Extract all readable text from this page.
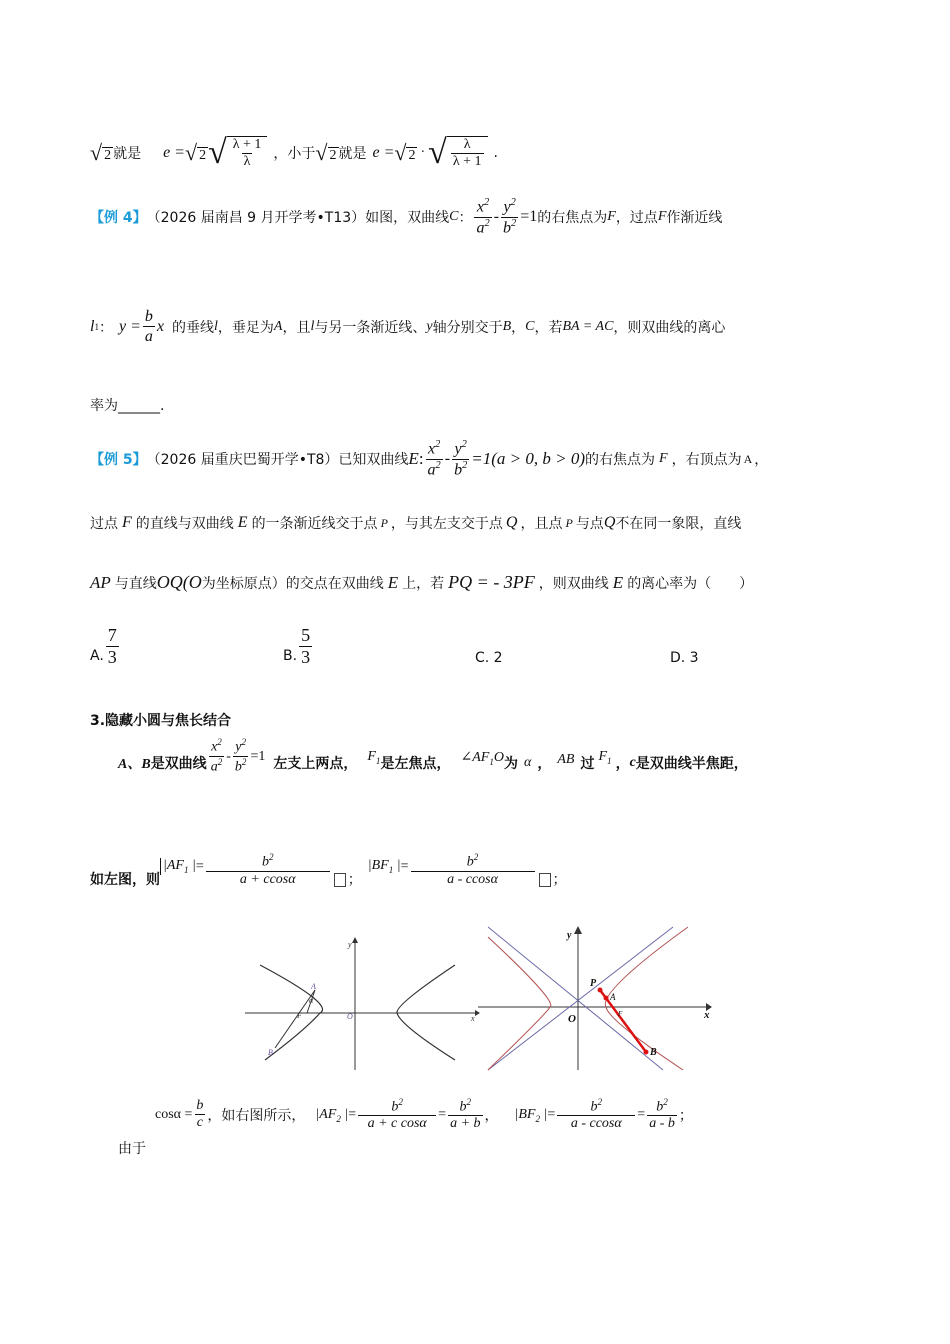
√ 2 就是 e = √ 2 √ $\frac{\lambda + 1}{\lambda}$ ，小于 √ 2 就是 e = √ 2 · √ $\frac{\lambda}{\lambda + 1}$ .
【例 4】 （2026 届南昌 9 月开学考•T13）如图，双曲线 C ： $\frac{x^2}{a^2} - \frac{y^2}{b^2} =1$ 的右焦点为 F ，过点 F 作渐近线
l 1 ： $y = \frac{b}{a}$ x 的垂线 l ，垂足为 A ，且 l 与另一条渐近线、 y 轴分别交于 B ， C ，若 BA = AC ，则双曲线的离心
率为______.
【例 5】 （2026 届重庆巴蜀开学•T8）已知双曲线 E : $\frac{x^2}{a^2} - \frac{y^2}{b^2} =1(a > 0$, b > 0) 的右焦点为 F ，右顶点为 A ，
过点 F 的直线与双曲线 E 的一条渐近线交于点 P ，与其左支交于点 Q ，且点 P 与点 Q 不在同一象限，直线
AP 与直线 OQ(O 为坐标原点）的交点在双曲线 E 上，若 PQ = - 3PF ，则双曲线 E 的离心率为（　　）
A. $\frac{7}{3}$	B. $\frac{5}{3}$	C. 2	D. 3
3.隐藏小圆与焦长结合
A、B 是双曲线 $\frac{x^2}{a^2} - \frac{y^2}{b^2} =1$ 左支上两点， $F_1$ 是左焦点， $\angle AF_1O$ 为 α ， AB 过 $F_1$ ， c 是双曲线半焦距，
如左图，则
$|AF_1$ | = $\frac{b^2}{a + ccos\alpha}$ ；
$|BF_1$ | = $\frac{b^2}{a - ccos\alpha}$ ；
A
B
F
α
O
y
x
P
A
B
F
O
y
x
$\cos\alpha = \frac{b}{c}$ ，如右图所示， $|AF_2$ | = $\frac{b^2}{\text{a + c cosα}} = \frac{b^2}{a + b}$ ， $|BF_2$ | = $\frac{b^2}{a - ccos\alpha} = \frac{b^2}{a - b}$ ；
由于
